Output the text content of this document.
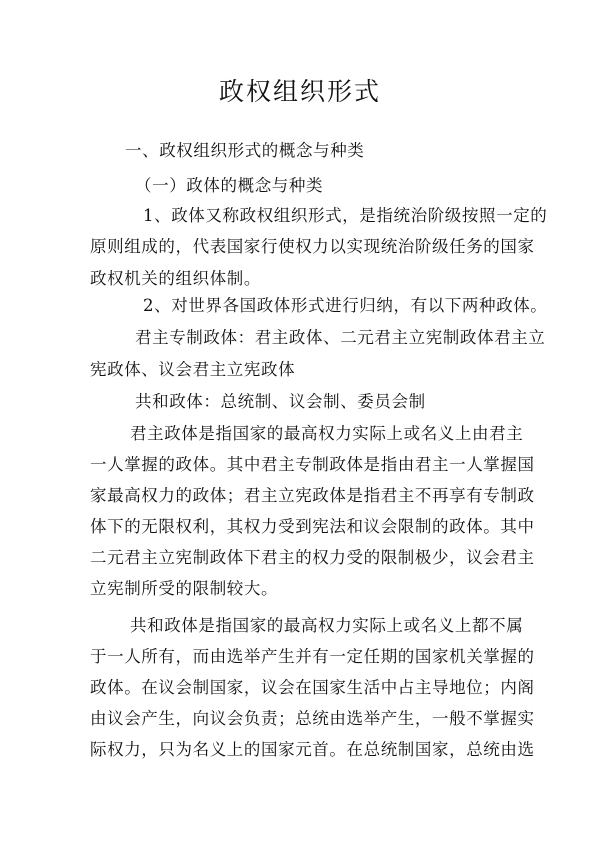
政权组织形式

一、政权组织形式的概念与种类

（一）政体的概念与种类

1、政体又称政权组织形式，是指统治阶级按照一定的

原则组成的，代表国家行使权力以实现统治阶级任务的国家

政权机关的组织体制。

2、对世界各国政体形式进行归纳，有以下两种政体。

君主专制政体：君主政体、二元君主立宪制政体君主立

宪政体、议会君主立宪政体

共和政体：总统制、议会制、委员会制

君主政体是指国家的最高权力实际上或名义上由君主

一人掌握的政体。其中君主专制政体是指由君主一人掌握国

家最高权力的政体；君主立宪政体是指君主不再享有专制政

体下的无限权利，其权力受到宪法和议会限制的政体。其中

二元君主立宪制政体下君主的权力受的限制极少，议会君主

立宪制所受的限制较大。

共和政体是指国家的最高权力实际上或名义上都不属

于一人所有，而由选举产生并有一定任期的国家机关掌握的

政体。在议会制国家，议会在国家生活中占主导地位；内阁

由议会产生，向议会负责；总统由选举产生，一般不掌握实

际权力，只为名义上的国家元首。在总统制国家，总统由选
